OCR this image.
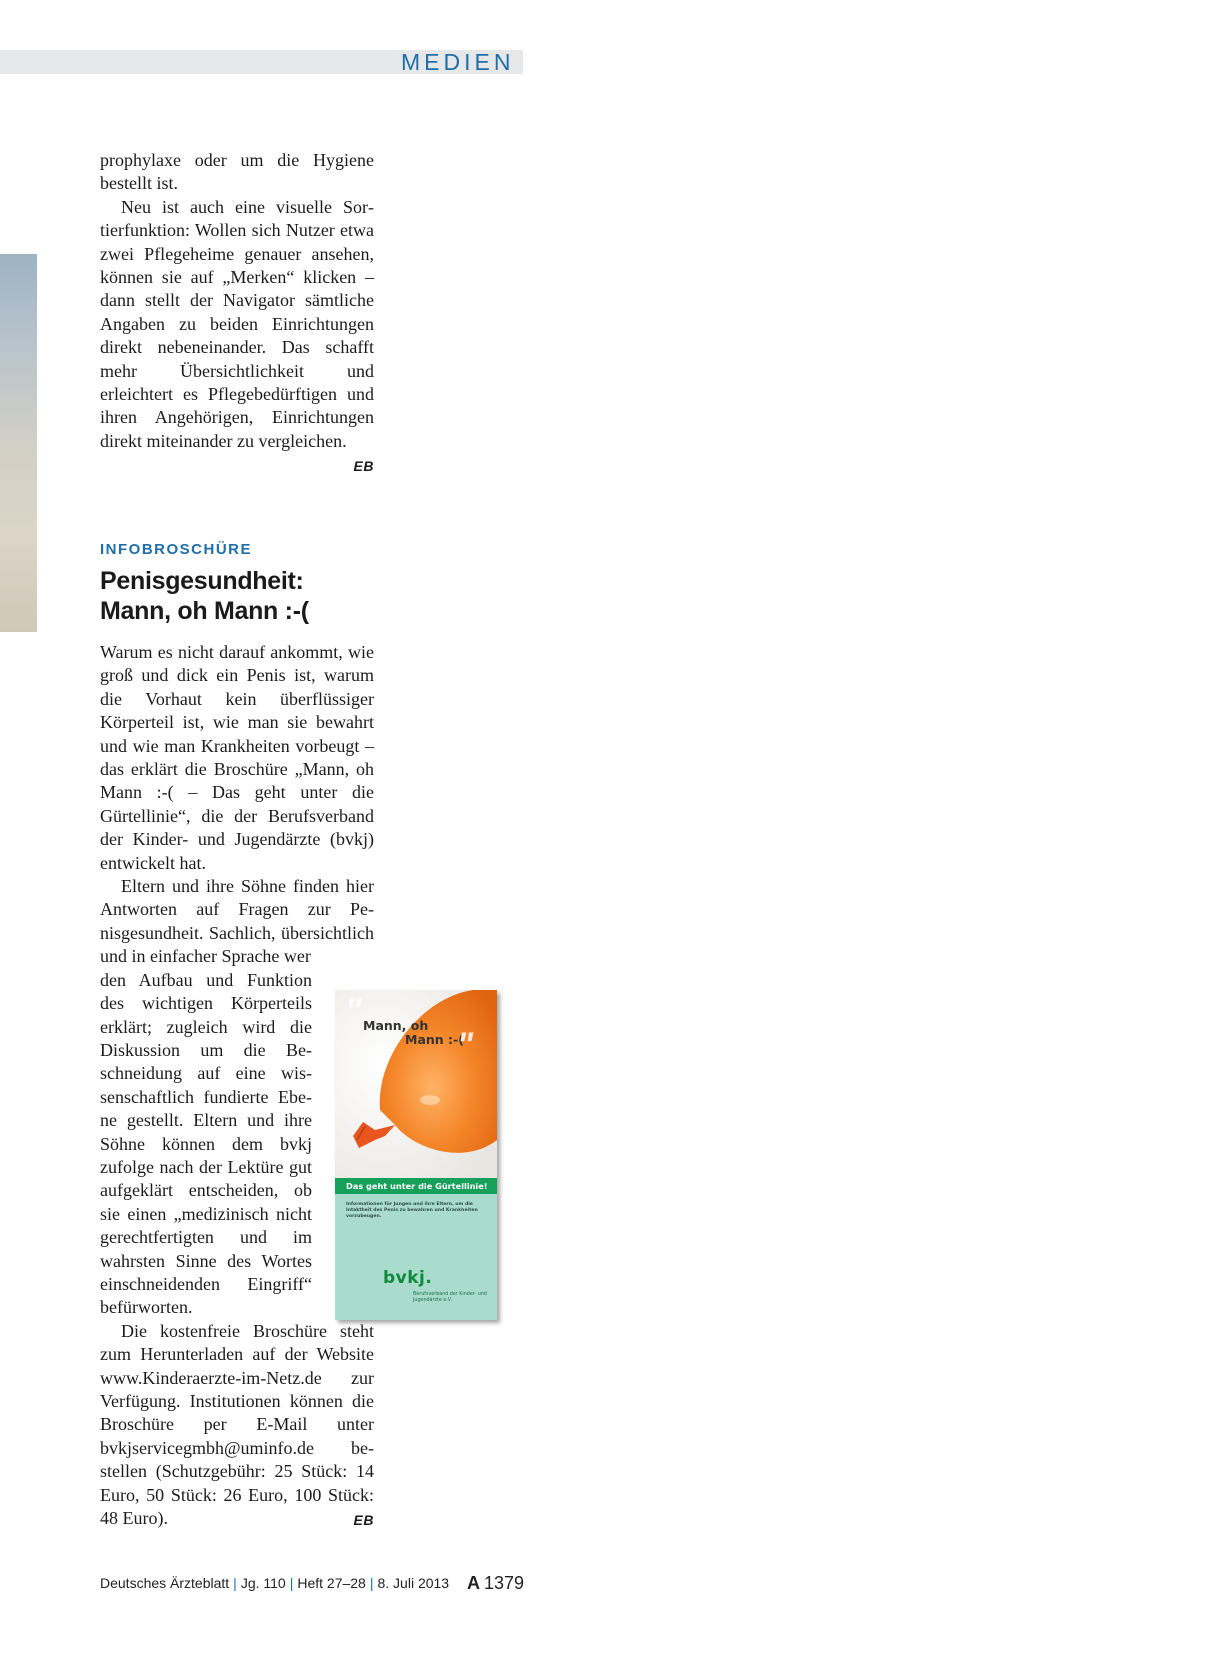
MEDIEN

prophylaxe oder um die Hygiene bestellt ist.

Neu ist auch eine visuelle Sortierfunktion: Wollen sich Nutzer etwa zwei Pflegeheime genauer ansehen, können sie auf „Merken“ klicken – dann stellt der Navigator sämtliche Angaben zu beiden Einrichtungen direkt nebeneinander. Das schafft mehr Übersichtlichkeit und erleichtert es Pflegebedürftigen und ihren Angehörigen, Einrichtungen direkt miteinander zu vergleichen.
EB

INFOBROSCHÜRE
Penisgesundheit:
Mann, oh Mann :-(

Warum es nicht darauf ankommt, wie groß und dick ein Penis ist, warum die Vorhaut kein überflüssiger Körperteil ist, wie man sie bewahrt und wie man Krankheiten vorbeugt – das erklärt die Broschüre „Mann, oh Mann :-( – Das geht unter die Gürtellinie“, die der Berufsverband der Kinder- und Jugendärzte (bvkj) entwickelt hat.

Eltern und ihre Söhne finden hier Antworten auf Fragen zur Penisgesundheit. Sachlich, übersichtlich und in einfacher Sprache wer

den Aufbau und Funktion des wichtigen Körperteils erklärt; zugleich wird die Diskussion um die Beschneidung auf eine wissenschaftlich fundierte Ebene gestellt. Eltern und ihre Söhne können dem bvkj zufolge nach der Lektüre gut aufgeklärt entscheiden, ob sie einen „medizinisch nicht gerechtfertigten und im wahrsten Sinne des Wortes einschneidenden Eingriff“ befürworten.

Die kostenfreie Broschüre steht zum Herunterladen auf der Website www.Kinderaerzte-im-Netz.de zur Verfügung. Institutionen können die Broschüre per E-Mail unter bvkjservicegmbh@uminfo.de bestellen (Schutzgebühr: 25 Stück: 14 Euro, 50 Stück: 26 Euro, 100 Stück: 48 Euro).	EB

" Mann, oh
Mann :-(
"
Das geht unter die Gürtellinie!
Informationen für Jungen und ihre Eltern, um die Intaktheit des Penis zu bewahren und Krankheiten vorzubeugen.
bvkj.
Berufsverband der Kinder- und Jugendärzte e.V.
Deutsches Ärzteblatt | Jg. 110 | Heft 27–28 | 8. Juli 2013 A 1379
